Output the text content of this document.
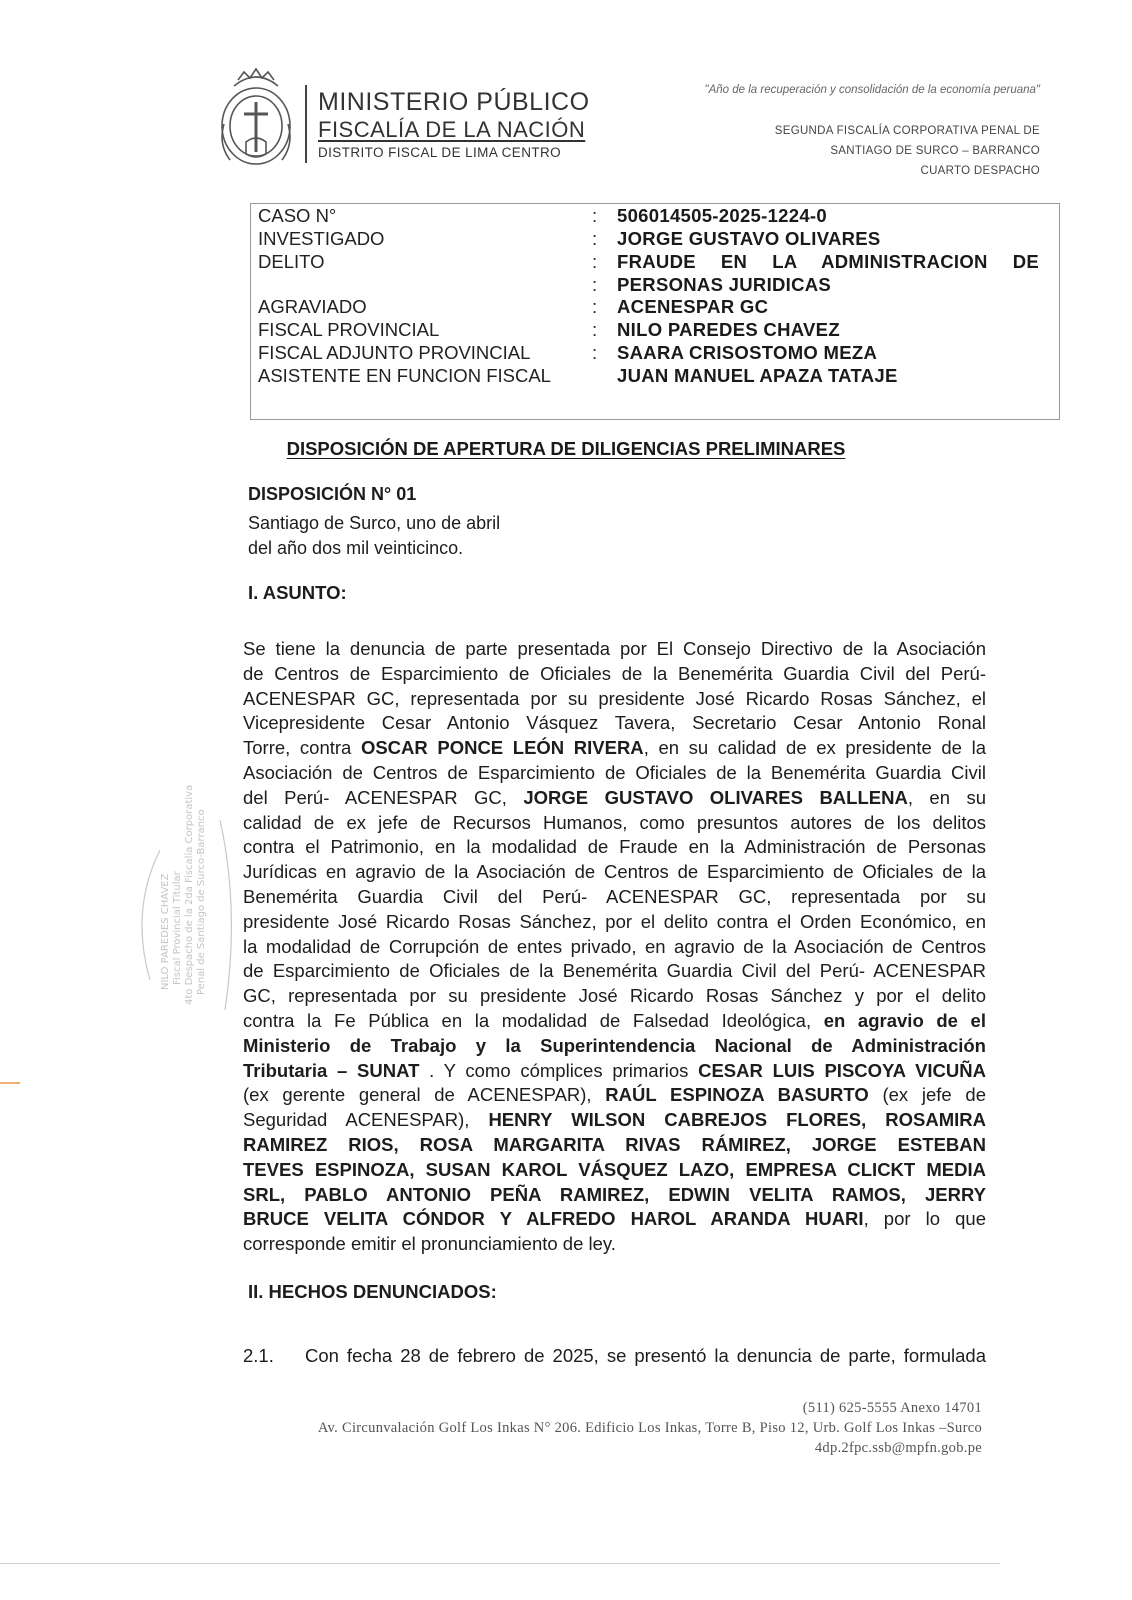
MINISTERIO PÚBLICO
FISCALÍA DE LA NACIÓN
DISTRITO FISCAL DE LIMA CENTRO
"Año de la recuperación y consolidación de la economía peruana"
SEGUNDA FISCALÍA CORPORATIVA PENAL DE
SANTIAGO DE SURCO – BARRANCO
CUARTO DESPACHO
CASO N°	: 506014505-2025-1224-0
INVESTIGADO	: JORGE GUSTAVO OLIVARES
DELITO	: FRAUDE EN LA ADMINISTRACION DE
: PERSONAS JURIDICAS
AGRAVIADO	: ACENESPAR GC
FISCAL PROVINCIAL	: NILO PAREDES CHAVEZ
FISCAL ADJUNTO PROVINCIAL	: SAARA CRISOSTOMO MEZA
ASISTENTE EN FUNCION FISCAL	JUAN MANUEL APAZA TATAJE
DISPOSICIÓN DE APERTURA DE DILIGENCIAS PRELIMINARES
DISPOSICIÓN N° 01
Santiago de Surco, uno de abril
del año dos mil veinticinco.
I. ASUNTO:
NILO PAREDES CHAVEZ Fiscal Provincial Titular 4to Despacho de la 2da Fiscalía Corporativa Penal de Santiago de Surco-Barranco
Se tiene la denuncia de parte presentada por El Consejo Directivo de la Asociación
de Centros de Esparcimiento de Oficiales de la Benemérita Guardia Civil del Perú-
ACENESPAR GC, representada por su presidente José Ricardo Rosas Sánchez, el
Vicepresidente Cesar Antonio Vásquez Tavera, Secretario Cesar Antonio Ronal
Torre, contra OSCAR PONCE LEÓN RIVERA, en su calidad de ex presidente de la
Asociación de Centros de Esparcimiento de Oficiales de la Benemérita Guardia Civil
del Perú- ACENESPAR GC, JORGE GUSTAVO OLIVARES BALLENA, en su
calidad de ex jefe de Recursos Humanos, como presuntos autores de los delitos
contra el Patrimonio, en la modalidad de Fraude en la Administración de Personas
Jurídicas en agravio de la Asociación de Centros de Esparcimiento de Oficiales de la
Benemérita Guardia Civil del Perú- ACENESPAR GC, representada por su
presidente José Ricardo Rosas Sánchez, por el delito contra el Orden Económico, en
la modalidad de Corrupción de entes privado, en agravio de la Asociación de Centros
de Esparcimiento de Oficiales de la Benemérita Guardia Civil del Perú- ACENESPAR
GC, representada por su presidente José Ricardo Rosas Sánchez y por el delito
contra la Fe Pública en la modalidad de Falsedad Ideológica, en agravio de el
Ministerio de Trabajo y la Superintendencia Nacional de Administración
Tributaria – SUNAT . Y como cómplices primarios CESAR LUIS PISCOYA VICUÑA
(ex gerente general de ACENESPAR), RAÚL ESPINOZA BASURTO (ex jefe de
Seguridad ACENESPAR), HENRY WILSON CABREJOS FLORES, ROSAMIRA
RAMIREZ RIOS, ROSA MARGARITA RIVAS RÁMIREZ, JORGE ESTEBAN
TEVES ESPINOZA, SUSAN KAROL VÁSQUEZ LAZO, EMPRESA CLICKT MEDIA
SRL, PABLO ANTONIO PEÑA RAMIREZ, EDWIN VELITA RAMOS, JERRY
BRUCE VELITA CÓNDOR Y ALFREDO HAROL ARANDA HUARI, por lo que
corresponde emitir el pronunciamiento de ley.
II. HECHOS DENUNCIADOS:
2.1. Con fecha 28 de febrero de 2025, se presentó la denuncia de parte, formulada
(511) 625-5555 Anexo 14701
Av. Circunvalación Golf Los Inkas N° 206. Edificio Los Inkas, Torre B, Piso 12, Urb. Golf Los Inkas –Surco
4dp.2fpc.ssb@mpfn.gob.pe
